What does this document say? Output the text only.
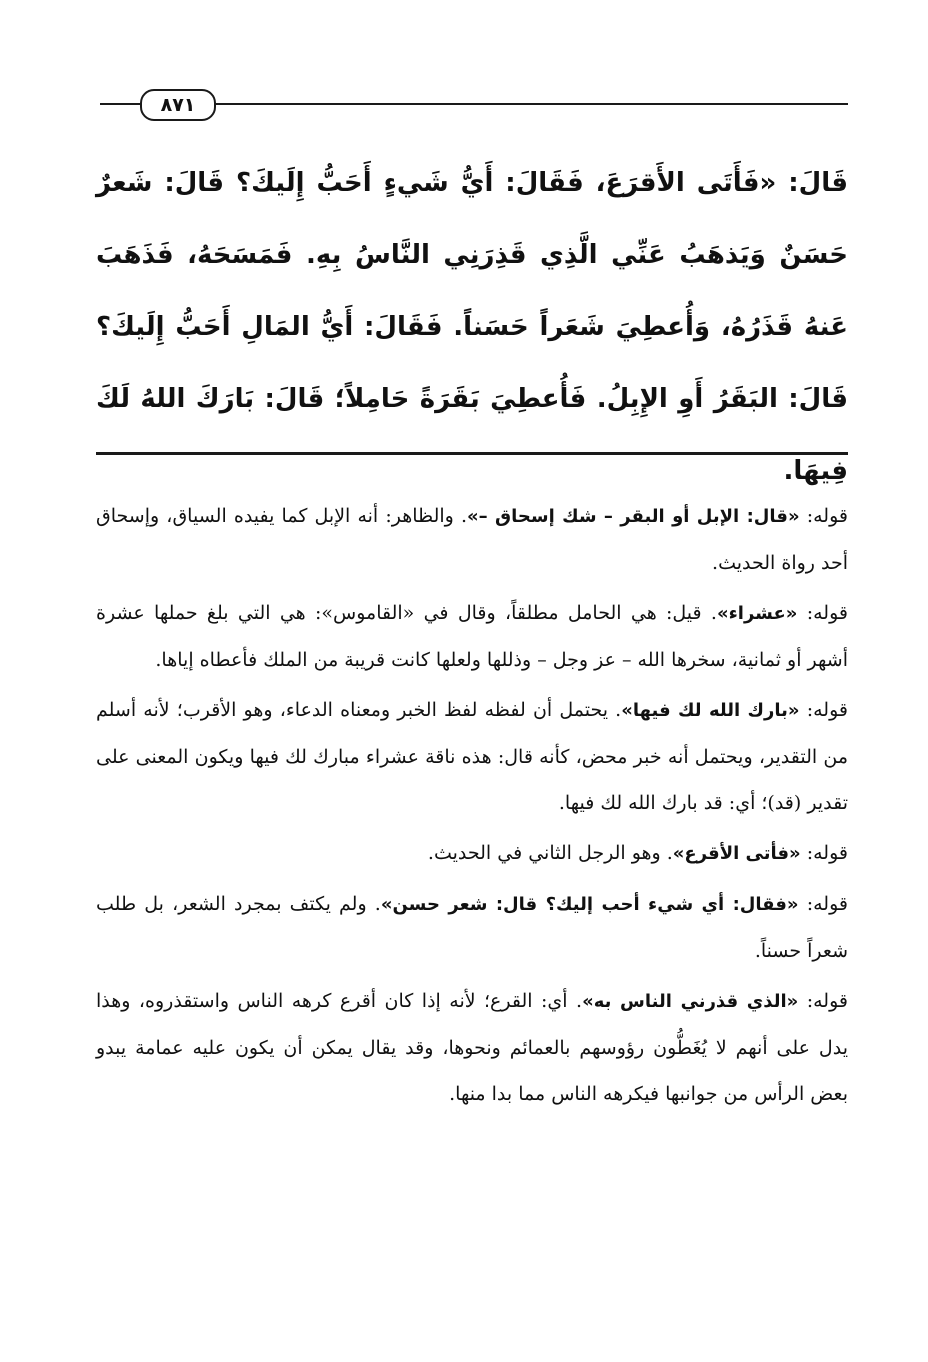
٨٧١

قَالَ: «فَأَتَى الأَقرَعَ، فَقَالَ: أَيُّ شَيءٍ أَحَبُّ إِلَيكَ؟ قَالَ: شَعرٌ حَسَنٌ وَيَذهَبُ عَنِّي الَّذِي قَذِرَنِي النَّاسُ بِهِ. فَمَسَحَهُ، فَذَهَبَ عَنهُ قَذَرُهُ، وَأُعطِيَ شَعَراً حَسَناً. فَقَالَ: أَيُّ المَالِ أَحَبُّ إِلَيكَ؟ قَالَ: البَقَرُ أَوِ الإِبِلُ. فَأُعطِيَ بَقَرَةً حَامِلاً؛ قَالَ: بَارَكَ اللهُ لَكَ فِيهَا.

قوله: «قال: الإبل أو البقر – شك إسحاق –». والظاهر: أنه الإبل كما يفيده السياق، وإسحاق أحد رواة الحديث.

قوله: «عشراء». قيل: هي الحامل مطلقاً، وقال في «القاموس»: هي التي بلغ حملها عشرة أشهر أو ثمانية، سخرها الله – عز وجل – وذللها ولعلها كانت قريبة من الملك فأعطاه إياها.

قوله: «بارك الله لك فيها». يحتمل أن لفظه لفظ الخبر ومعناه الدعاء، وهو الأقرب؛ لأنه أسلم من التقدير، ويحتمل أنه خبر محض، كأنه قال: هذه ناقة عشراء مبارك لك فيها ويكون المعنى على تقدير (قد)؛ أي: قد بارك الله لك فيها.

قوله: «فأتى الأقرع». وهو الرجل الثاني في الحديث.

قوله: «فقال: أي شيء أحب إليك؟ قال: شعر حسن». ولم يكتف بمجرد الشعر، بل طلب شعراً حسناً.

قوله: «الذي قذرني الناس به». أي: القرع؛ لأنه إذا كان أقرع كرهه الناس واستقذروه، وهذا يدل على أنهم لا يُغَطُّون رؤوسهم بالعمائم ونحوها، وقد يقال يمكن أن يكون عليه عمامة يبدو بعض الرأس من جوانبها فيكرهه الناس مما بدا منها.
